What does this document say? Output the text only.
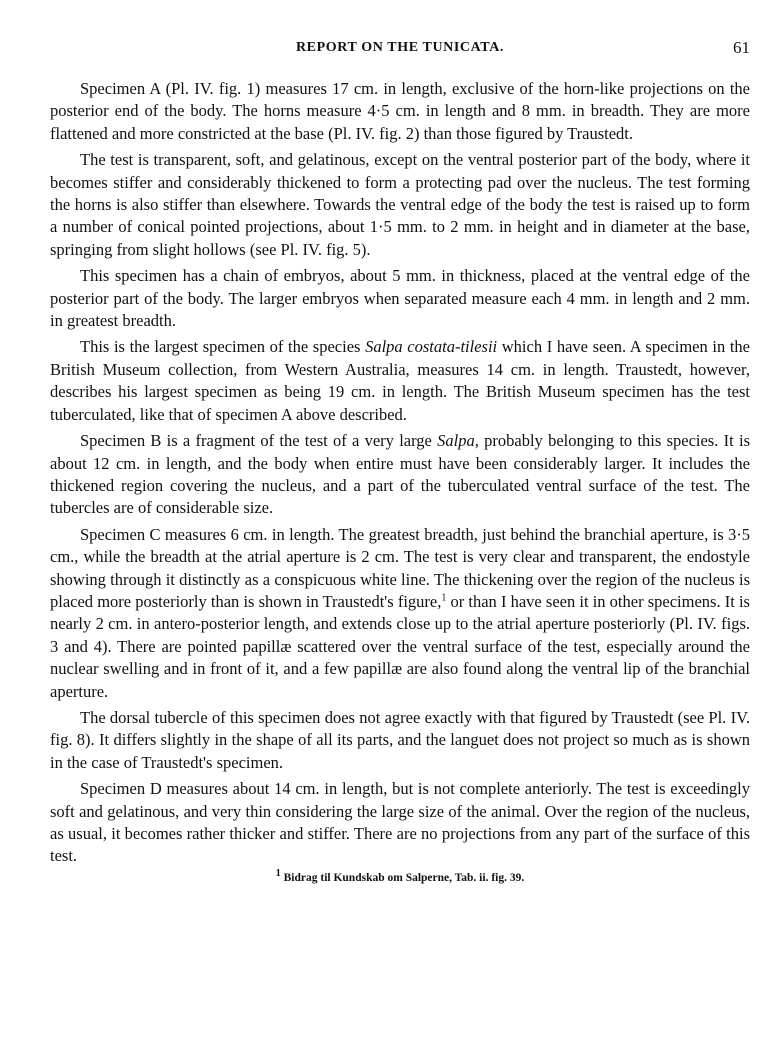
REPORT ON THE TUNICATA.	61

Specimen A (Pl. IV. fig. 1) measures 17 cm. in length, exclusive of the horn-like projections on the posterior end of the body. The horns measure 4·5 cm. in length and 8 mm. in breadth. They are more flattened and more constricted at the base (Pl. IV. fig. 2) than those figured by Traustedt.

The test is transparent, soft, and gelatinous, except on the ventral posterior part of the body, where it becomes stiffer and considerably thickened to form a protecting pad over the nucleus. The test forming the horns is also stiffer than elsewhere. Towards the ventral edge of the body the test is raised up to form a number of conical pointed projections, about 1·5 mm. to 2 mm. in height and in diameter at the base, springing from slight hollows (see Pl. IV. fig. 5).

This specimen has a chain of embryos, about 5 mm. in thickness, placed at the ventral edge of the posterior part of the body. The larger embryos when separated measure each 4 mm. in length and 2 mm. in greatest breadth.

This is the largest specimen of the species Salpa costata-tilesii which I have seen. A specimen in the British Museum collection, from Western Australia, measures 14 cm. in length. Traustedt, however, describes his largest specimen as being 19 cm. in length. The British Museum specimen has the test tuberculated, like that of specimen A above described.

Specimen B is a fragment of the test of a very large Salpa, probably belonging to this species. It is about 12 cm. in length, and the body when entire must have been considerably larger. It includes the thickened region covering the nucleus, and a part of the tuberculated ventral surface of the test. The tubercles are of considerable size.

Specimen C measures 6 cm. in length. The greatest breadth, just behind the branchial aperture, is 3·5 cm., while the breadth at the atrial aperture is 2 cm. The test is very clear and transparent, the endostyle showing through it distinctly as a conspicuous white line. The thickening over the region of the nucleus is placed more posteriorly than is shown in Traustedt's figure,$^1$ or than I have seen it in other specimens. It is nearly 2 cm. in antero-posterior length, and extends close up to the atrial aperture posteriorly (Pl. IV. figs. 3 and 4). There are pointed papillæ scattered over the ventral surface of the test, especially around the nuclear swelling and in front of it, and a few papillæ are also found along the ventral lip of the branchial aperture.

The dorsal tubercle of this specimen does not agree exactly with that figured by Traustedt (see Pl. IV. fig. 8). It differs slightly in the shape of all its parts, and the languet does not project so much as is shown in the case of Traustedt's specimen.

Specimen D measures about 14 cm. in length, but is not complete anteriorly. The test is exceedingly soft and gelatinous, and very thin considering the large size of the animal. Over the region of the nucleus, as usual, it becomes rather thicker and stiffer. There are no projections from any part of the surface of this test.

$^1$ Bidrag til Kundskab om Salperne, Tab. ii. fig. 39.
